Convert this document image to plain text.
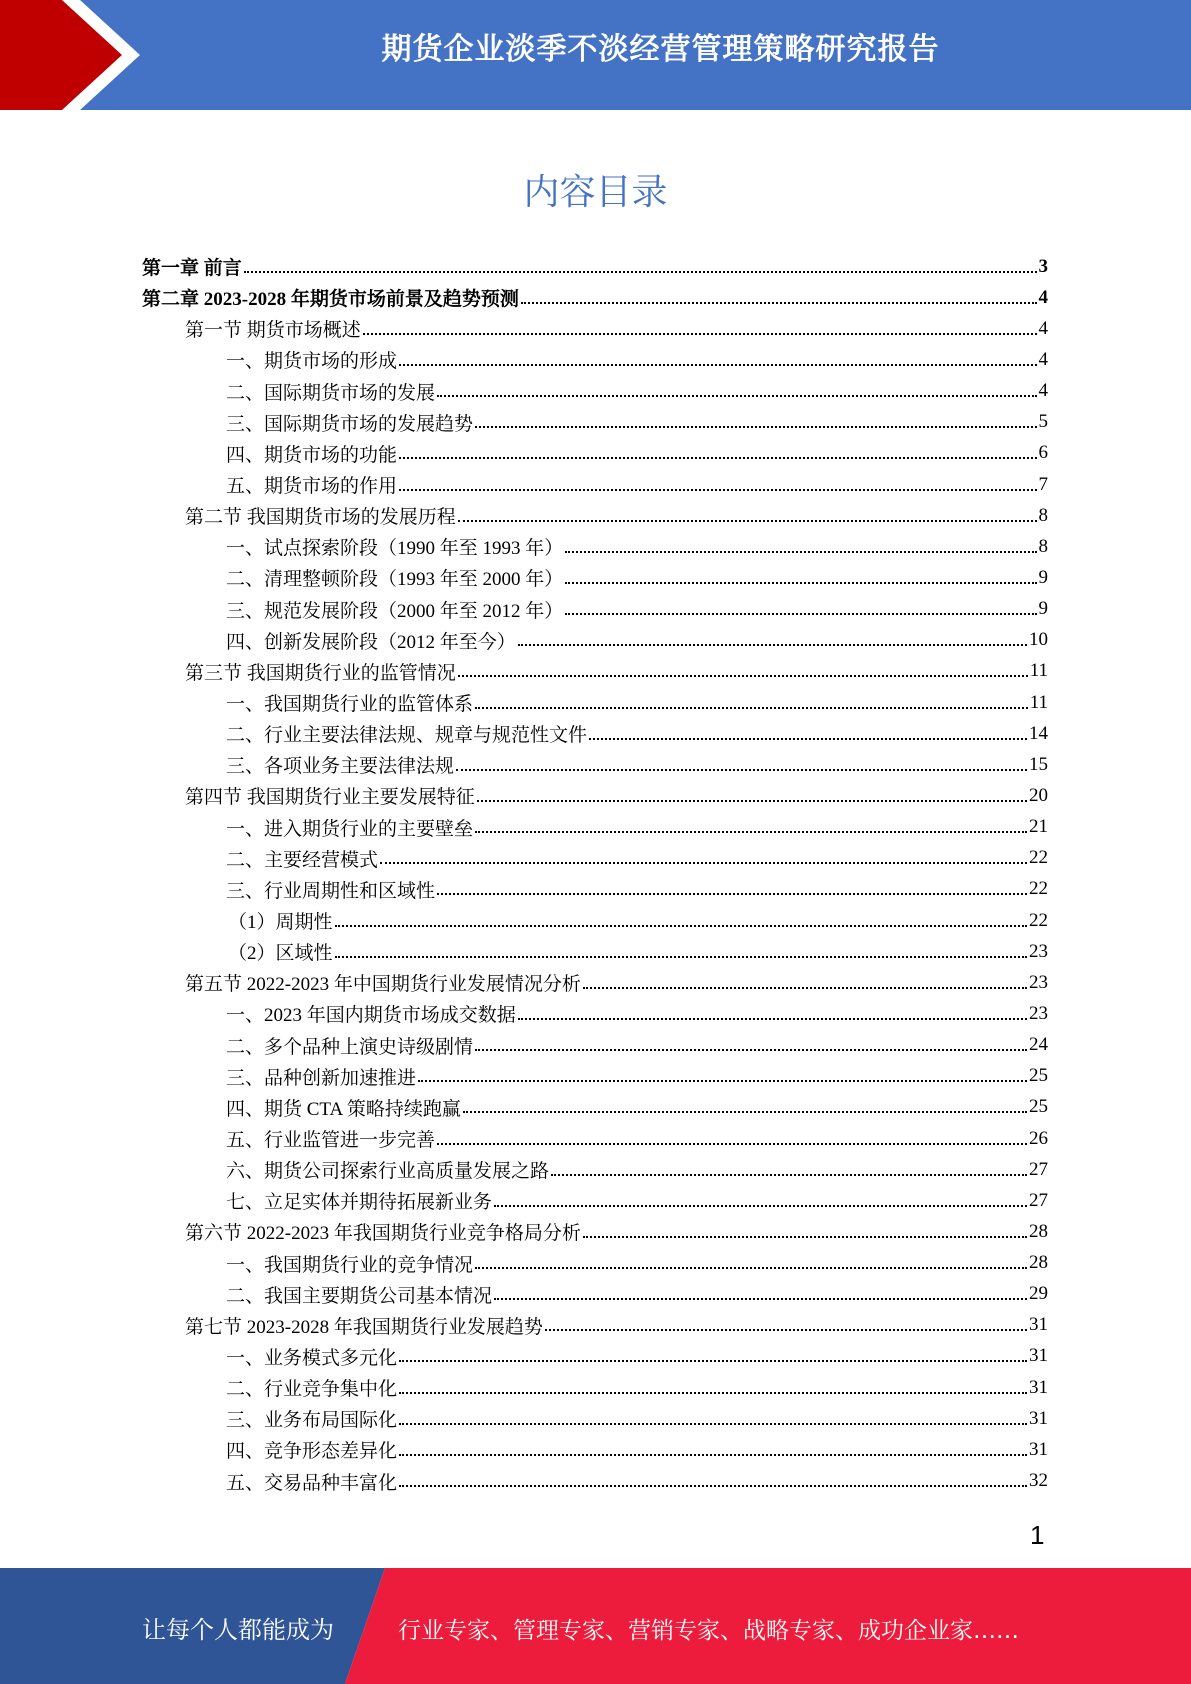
期货企业淡季不淡经营管理策略研究报告
内容目录
第一章 前言	3
第二章 2023-2028 年期货市场前景及趋势预测	4
第一节 期货市场概述	4
一、期货市场的形成	4
二、国际期货市场的发展	4
三、国际期货市场的发展趋势	5
四、期货市场的功能	6
五、期货市场的作用	7
第二节 我国期货市场的发展历程	8
一、试点探索阶段（1990 年至 1993 年）	8
二、清理整顿阶段（1993 年至 2000 年）	9
三、规范发展阶段（2000 年至 2012 年）	9
四、创新发展阶段（2012 年至今）	10
第三节 我国期货行业的监管情况	11
一、我国期货行业的监管体系	11
二、行业主要法律法规、规章与规范性文件	14
三、各项业务主要法律法规	15
第四节 我国期货行业主要发展特征	20
一、进入期货行业的主要壁垒	21
二、主要经营模式	22
三、行业周期性和区域性	22
（1）周期性	22
（2）区域性	23
第五节 2022-2023 年中国期货行业发展情况分析	23
一、2023 年国内期货市场成交数据	23
二、多个品种上演史诗级剧情	24
三、品种创新加速推进	25
四、期货 CTA 策略持续跑赢	25
五、行业监管进一步完善	26
六、期货公司探索行业高质量发展之路	27
七、立足实体并期待拓展新业务	27
第六节 2022-2023 年我国期货行业竞争格局分析	28
一、我国期货行业的竞争情况	28
二、我国主要期货公司基本情况	29
第七节 2023-2028 年我国期货行业发展趋势	31
一、业务模式多元化	31
二、行业竞争集中化	31
三、业务布局国际化	31
四、竞争形态差异化	31
五、交易品种丰富化	32
1
让每个人都能成为	行业专家、管理专家、营销专家、战略专家、成功企业家……
